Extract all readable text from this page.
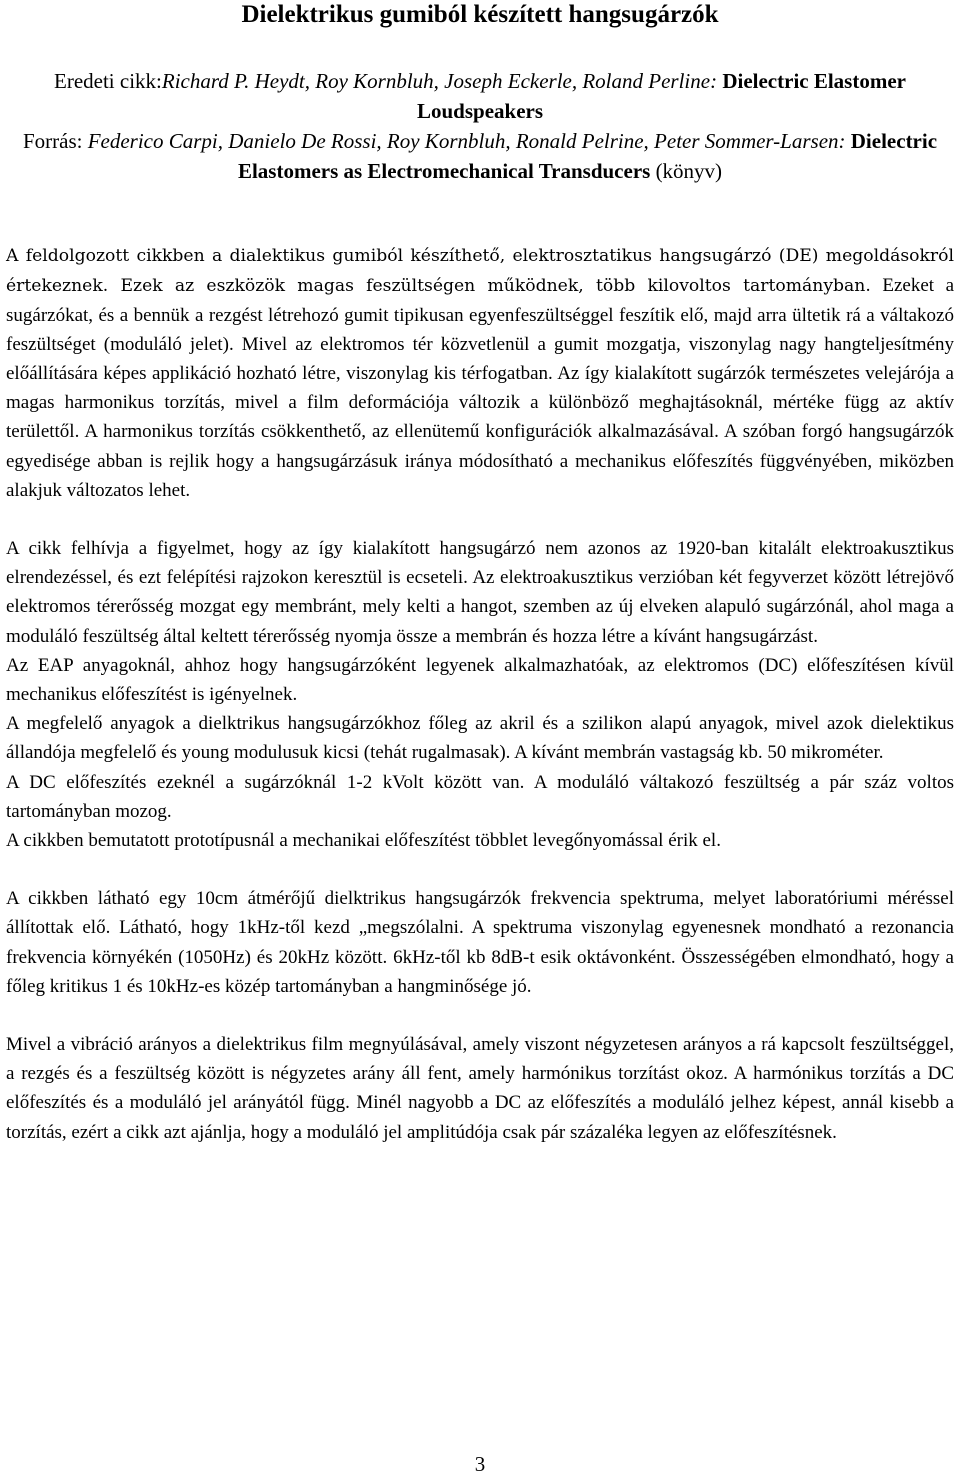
Dielektrikus gumiból készített hangsugárzók
Eredeti cikk:Richard P. Heydt, Roy Kornbluh, Joseph Eckerle, Roland Perline: Dielectric Elastomer Loudspeakers
Forrás: Federico Carpi, Danielo De Rossi, Roy Kornbluh, Ronald Pelrine, Peter Sommer-Larsen: Dielectric Elastomers as Electromechanical Transducers (könyv)

A feldolgozott cikkben a dialektikus gumiból készíthető, elektrosztatikus hangsugárzó (DE) megoldásokról értekeznek. Ezek az eszközök magas feszültségen működnek, több kilovoltos tartományban. Ezeket a sugárzókat, és a bennük a rezgést létrehozó gumit tipikusan egyenfeszültséggel feszítik elő, majd arra ültetik rá a váltakozó feszültséget (moduláló jelet). Mivel az elektromos tér közvetlenül a gumit mozgatja, viszonylag nagy hangteljesítmény előállítására képes applikáció hozható létre, viszonylag kis térfogatban. Az így kialakított sugárzók természetes velejárója a magas harmonikus torzítás, mivel a film deformációja változik a különböző meghajtásoknál, mértéke függ az aktív területtől. A harmonikus torzítás csökkenthető, az ellenütemű konfigurációk alkalmazásával. A szóban forgó hangsugárzók egyedisége abban is rejlik hogy a hangsugárzásuk iránya módosítható a mechanikus előfeszítés függvényében, miközben alakjuk változatos lehet.

A cikk felhívja a figyelmet, hogy az így kialakított hangsugárzó nem azonos az 1920-ban kitalált elektroakusztikus elrendezéssel, és ezt felépítési rajzokon keresztül is ecseteli. Az elektroakusztikus verzióban két fegyverzet között létrejövő elektromos térerősség mozgat egy membránt, mely kelti a hangot, szemben az új elveken alapuló sugárzónál, ahol maga a moduláló feszültség által keltett térerősség nyomja össze a membrán és hozza létre a kívánt hangsugárzást.

Az EAP anyagoknál, ahhoz hogy hangsugárzóként legyenek alkalmazhatóak, az elektromos (DC) előfeszítésen kívül mechanikus előfeszítést is igényelnek.

A megfelelő anyagok a dielktrikus hangsugárzókhoz főleg az akril és a szilikon alapú anyagok, mivel azok dielektikus állandója megfelelő és young modulusuk kicsi (tehát rugalmasak). A kívánt membrán vastagság kb. 50 mikrométer.

A DC előfeszítés ezeknél a sugárzóknál 1-2 kVolt között van. A moduláló váltakozó feszültség a pár száz voltos tartományban mozog.

A cikkben bemutatott prototípusnál a mechanikai előfeszítést többlet levegőnyomással érik el.

A cikkben látható egy 10cm átmérőjű dielktrikus hangsugárzók frekvencia spektruma, melyet laboratóriumi méréssel állítottak elő. Látható, hogy 1kHz-től kezd „megszólalni. A spektruma viszonylag egyenesnek mondható a rezonancia frekvencia környékén (1050Hz) és 20kHz között. 6kHz-től kb 8dB-t esik oktávonként. Összességében elmondható, hogy a főleg kritikus 1 és 10kHz-es közép tartományban a hangminősége jó.

Mivel a vibráció arányos a dielektrikus film megnyúlásával, amely viszont négyzetesen arányos a rá kapcsolt feszültséggel, a rezgés és a feszültség között is négyzetes arány áll fent, amely harmónikus torzítást okoz. A harmónikus torzítás a DC előfeszítés és a moduláló jel arányától függ. Minél nagyobb a DC az előfeszítés a moduláló jelhez képest, annál kisebb a torzítás, ezért a cikk azt ajánlja, hogy a moduláló jel amplitúdója csak pár százaléka legyen az előfeszítésnek.

3
